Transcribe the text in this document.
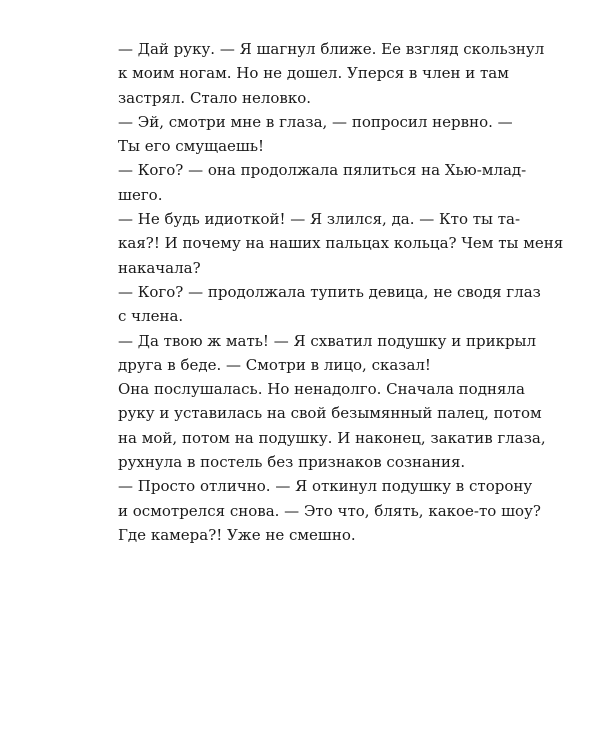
— Дай руку. — Я шагнул ближе. Ее взгляд скользнул
к моим ногам. Но не дошел. Уперся в член и там
застрял. Стало неловко.
— Эй, смотри мне в глаза, — попросил нервно. —
Ты его смущаешь!
— Кого? — она продолжала пялиться на Хью-млад-
шего.
— Не будь идиоткой! — Я злился, да. — Кто ты та-
кая?! И почему на наших пальцах кольца? Чем ты меня
накачала?
— Кого? — продолжала тупить девица, не сводя глаз
с члена.
— Да твою ж мать! — Я схватил подушку и прикрыл
друга в беде. — Смотри в лицо, сказал!
Она послушалась. Но ненадолго. Сначала подняла
руку и уставилась на свой безымянный палец, потом
на мой, потом на подушку. И наконец, закатив глаза,
рухнула в постель без признаков сознания.
— Просто отлично. — Я откинул подушку в сторону
и осмотрелся снова. — Это что, блять, какое-то шоу?
Где камера?! Уже не смешно.
